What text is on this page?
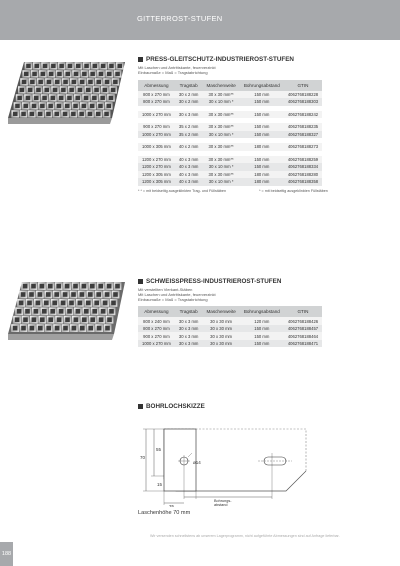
GITTERROST-STUFEN
PRESS-GLEITSCHUTZ-INDUSTRIEROST-STUFEN
Mit Laschen und Antrittskante, feuerverzinkt
Einbaumaße = Maß = Tragstabrichtung
Abmessung	Tragstab	Maschenweite	Bohrungsabstand	GTIN
800 x 270 mm	30 x 2 mm	30 x 30 mm**	150 mm	4062768188228
800 x 270 mm	30 x 2 mm	30 x 10 mm *	150 mm	4062768188303

1000 x 270 mm	30 x 3 mm	30 x 30 mm**	150 mm	4062768188242

900 x 270 mm	35 x 2 mm	30 x 30 mm**	150 mm	4062768188235
1000 x 270 mm	35 x 2 mm	30 x 10 mm *	150 mm	4062768188327

1000 x 305 mm	40 x 2 mm	30 x 30 mm**	180 mm	4062768188273

1200 x 270 mm	40 x 3 mm	30 x 30 mm**	150 mm	4062768188259
1200 x 270 mm	40 x 3 mm	30 x 10 mm *	150 mm	4062768188334
1200 x 305 mm	40 x 3 mm	30 x 30 mm**	180 mm	4062768188280
1200 x 305 mm	40 x 3 mm	30 x 10 mm *	180 mm	4062768188358
* * = mit beidseitig ausgeklinkten Trag- und Füllstäben	* = mit beidseitig ausgeklinkten Füllstäben
SCHWEISSPRESS-INDUSTRIEROST-STUFEN
Mit verstellten Vierkant-Stäben
Mit Laschen und Antrittskante, feuerverzinkt
Einbaumaße = Maß = Tragstabrichtung
Abmessung	Tragstab	Maschenweite	Bohrungsabstand	GTIN
800 x 240 mm	30 x 3 mm	30 x 30 mm	120 mm	4062768188426
800 x 270 mm	30 x 3 mm	30 x 30 mm	150 mm	4062768188457
900 x 270 mm	30 x 3 mm	30 x 30 mm	150 mm	4062768188464
1000 x 270 mm	30 x 3 mm	30 x 30 mm	150 mm	4062768188471
BOHRLOCHSKIZZE
70
55
15
35
ø14
Bohrungs-
abstand
Laschenhöhe 70 mm
Wir versenden schnellstens ab unserem Lagerprogramm, nicht aufgeführte Abmessungen sind auf Anfrage lieferbar.
188
